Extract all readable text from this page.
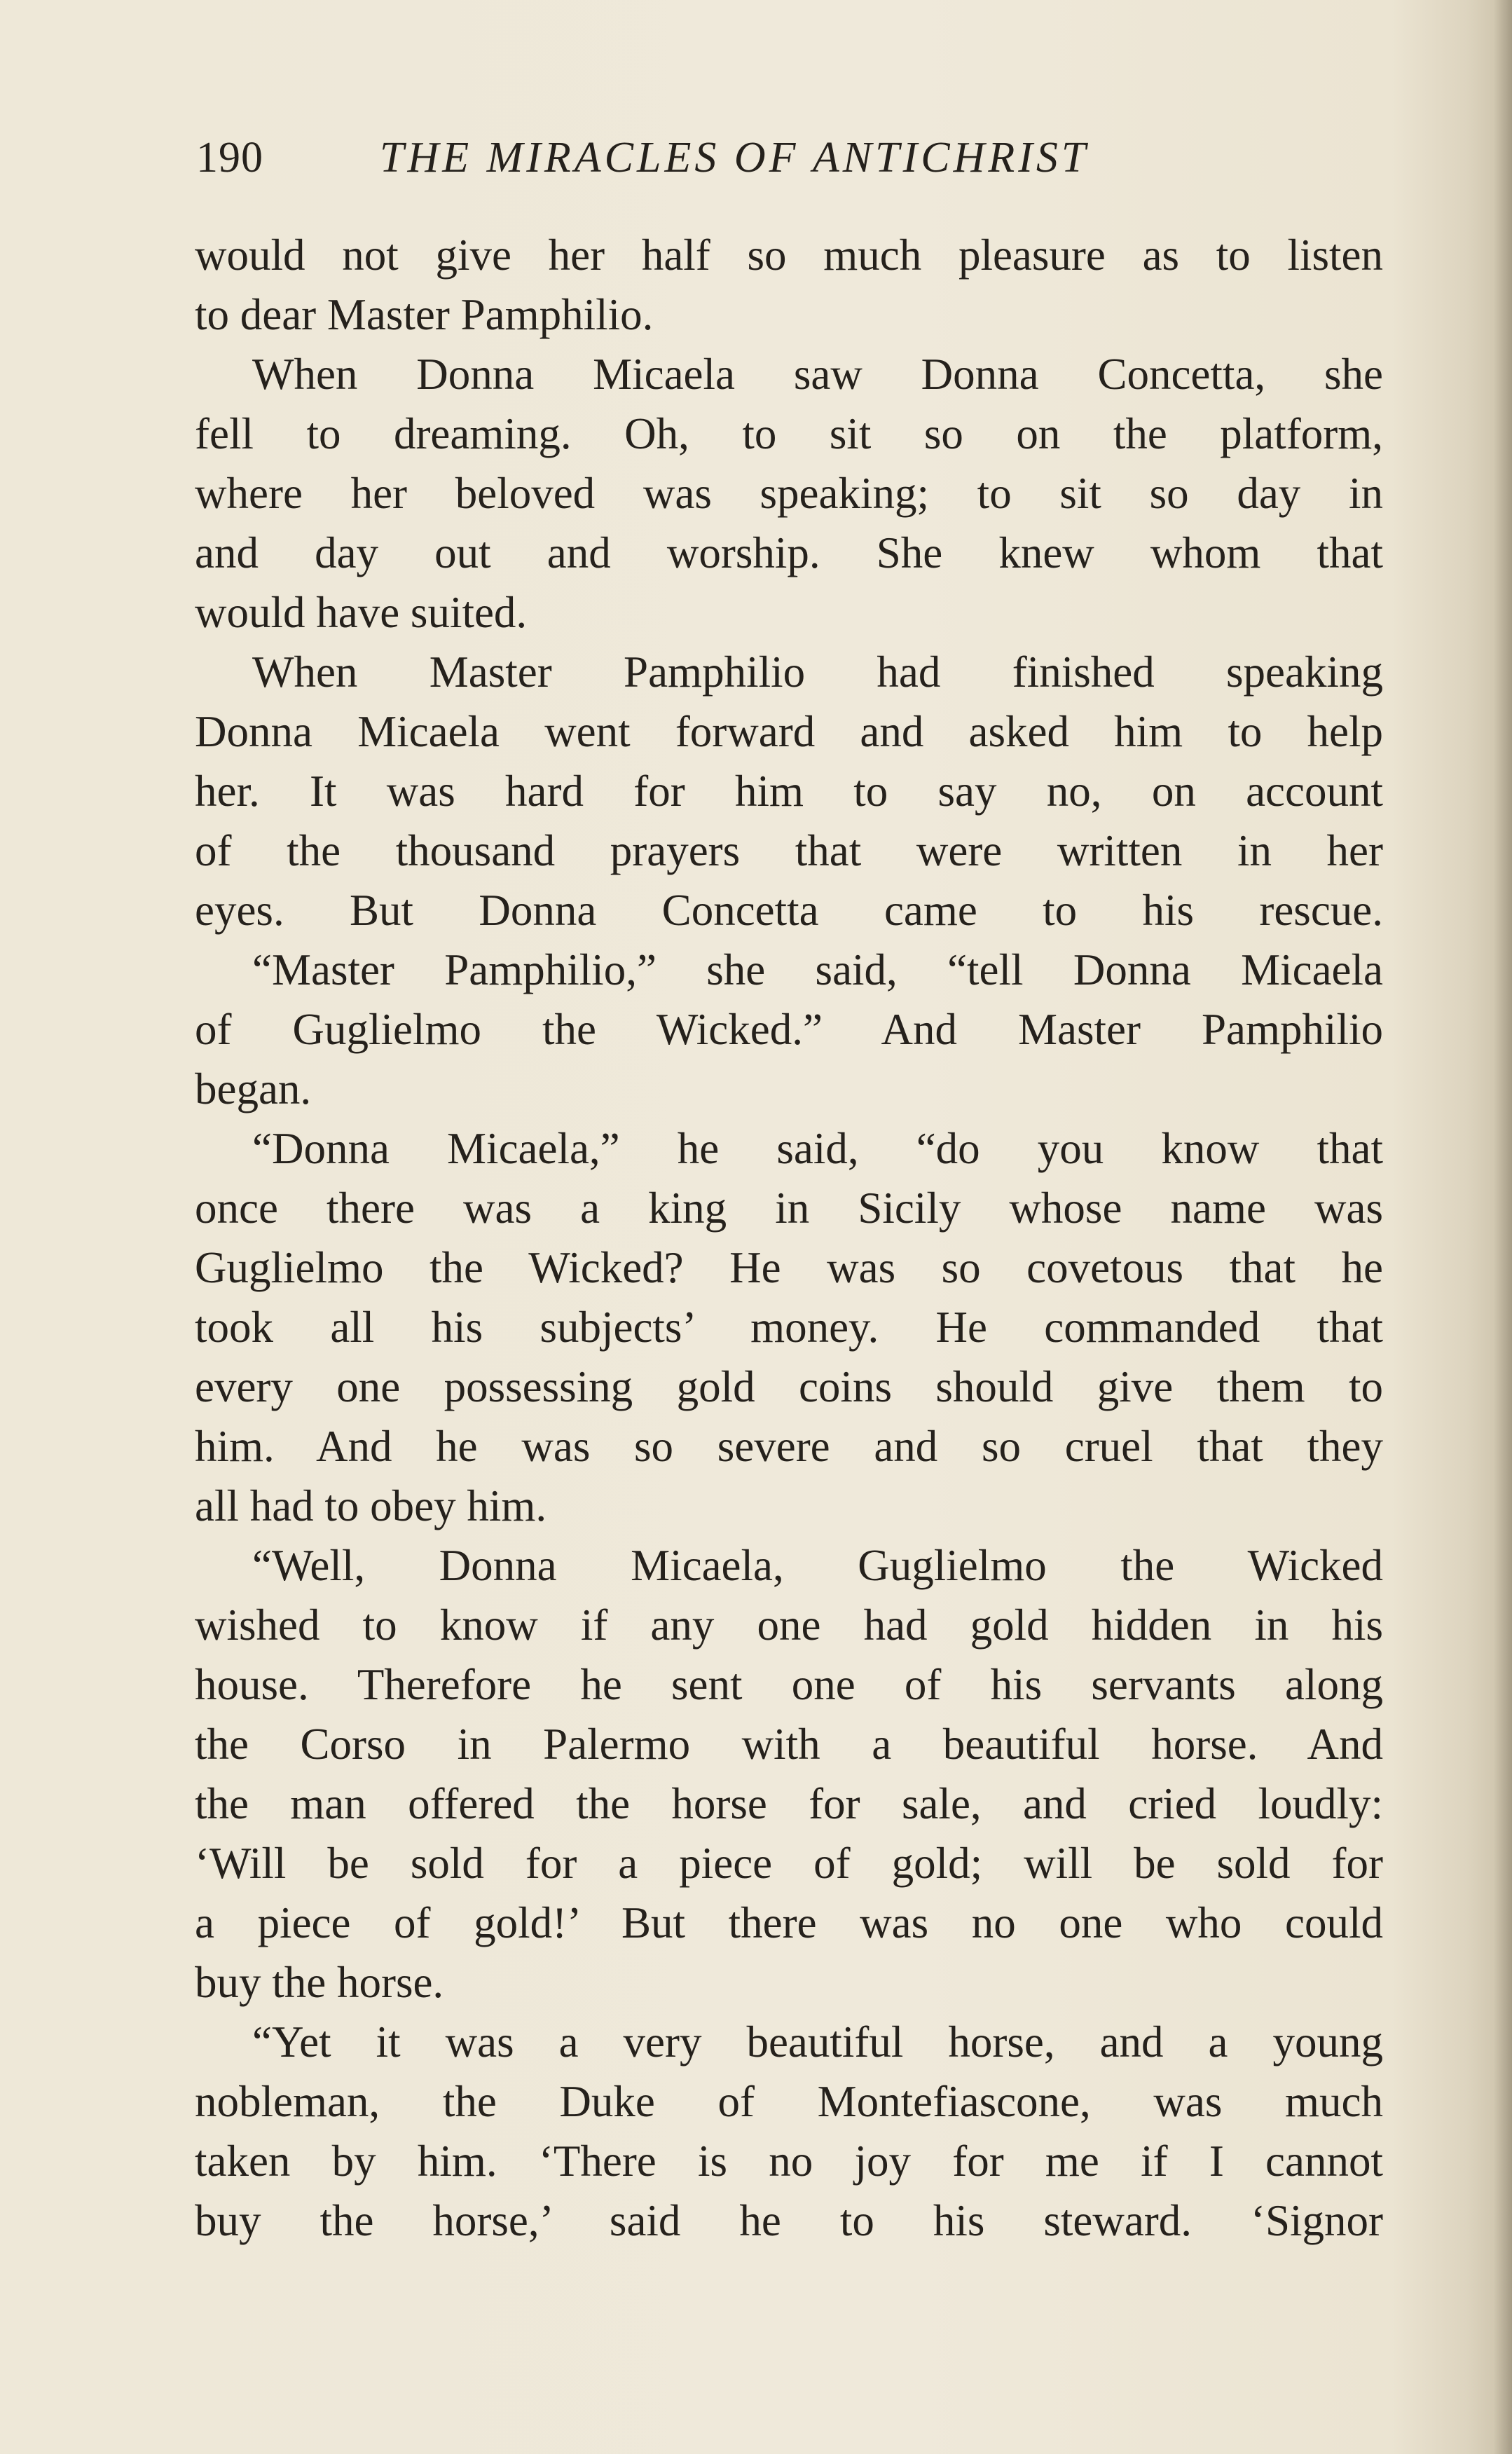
190	THE MIRACLES OF ANTICHRIST
would not give her half so much pleasure as to listen
to dear Master Pamphilio.
When Donna Micaela saw Donna Concetta, she
fell to dreaming. Oh, to sit so on the platform,
where her beloved was speaking; to sit so day in
and day out and worship. She knew whom that
would have suited.
When Master Pamphilio had finished speaking
Donna Micaela went forward and asked him to help
her. It was hard for him to say no, on account
of the thousand prayers that were written in her
eyes. But Donna Concetta came to his rescue.
“Master Pamphilio,” she said, “tell Donna Micaela
of Guglielmo the Wicked.” And Master Pamphilio
began.
“Donna Micaela,” he said, “do you know that
once there was a king in Sicily whose name was
Guglielmo the Wicked? He was so covetous that he
took all his subjects’ money. He commanded that
every one possessing gold coins should give them to
him. And he was so severe and so cruel that they
all had to obey him.
“Well, Donna Micaela, Guglielmo the Wicked
wished to know if any one had gold hidden in his
house. Therefore he sent one of his servants along
the Corso in Palermo with a beautiful horse. And
the man offered the horse for sale, and cried loudly:
‘Will be sold for a piece of gold; will be sold for
a piece of gold!’ But there was no one who could
buy the horse.
“Yet it was a very beautiful horse, and a young
nobleman, the Duke of Montefiascone, was much
taken by him. ‘There is no joy for me if I cannot
buy the horse,’ said he to his steward. ‘Signor
